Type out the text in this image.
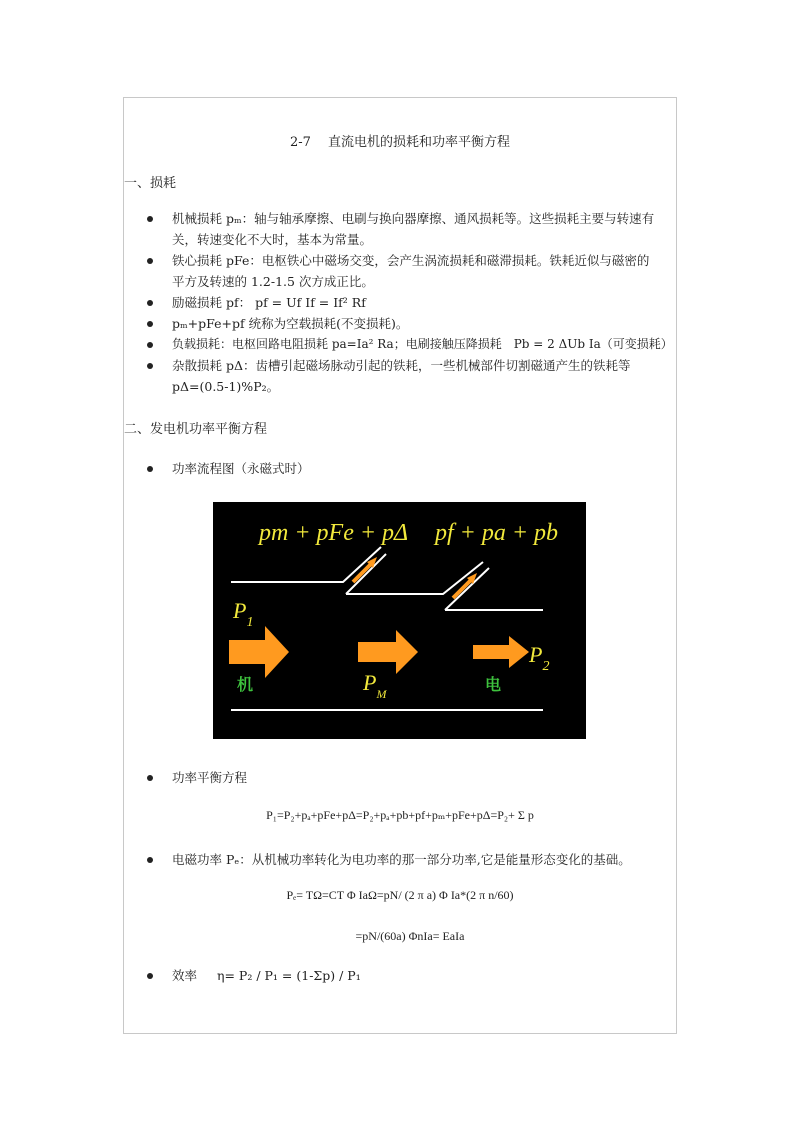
2-7　 直流电机的损耗和功率平衡方程
一、损耗
机械损耗 pₘ：轴与轴承摩擦、电刷与换向器摩擦、通风损耗等。这些损耗主要与转速有
关，转速变化不大时，基本为常量。
铁心损耗 pFe：电枢铁心中磁场交变，会产生涡流损耗和磁滞损耗。铁耗近似与磁密的
平方及转速的 1.2-1.5 次方成正比。
励磁损耗 pf： pf = Uf If = If² Rf
pₘ+pFe+pf 统称为空载损耗(不变损耗)。
负载损耗：电枢回路电阻损耗 pa=Ia² Ra；电刷接触压降损耗　Pb = 2 ΔUb Ia（可变损耗）
杂散损耗 pΔ：齿槽引起磁场脉动引起的铁耗，一些机械部件切割磁通产生的铁耗等
pΔ=(0.5-1)%P₂。
二、发电机功率平衡方程
功率流程图（永磁式时）
pm + pFe + pΔ pf + pa + pb
$P_1$
$P_2$
$P_M$
机	电
功率平衡方程
P₁=P₂+pₐ+pFe+pΔ=P₂+pₐ+pb+pf+pₘ+pFe+pΔ=P₂+ Σ p
电磁功率 Pₑ：从机械功率转化为电功率的那一部分功率,它是能量形态变化的基础。
Pₑ= TΩ=CT Φ IaΩ=pN/ (2 π a) Φ Ia*(2 π n/60)
=pN/(60a) ΦnIa= EaIa
效率 η= P₂ / P₁ = (1-Σp) / P₁
